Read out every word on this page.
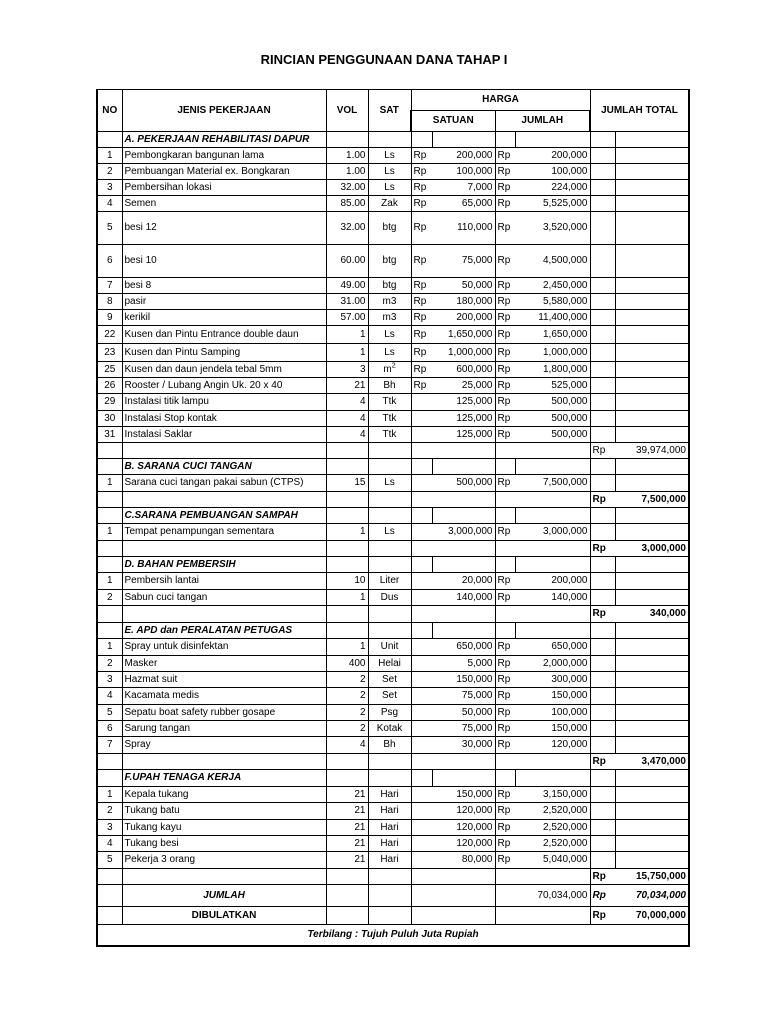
RINCIAN PENGGUNAAN DANA TAHAP I
NO	JENIS PEKERJAAN	VOL	SAT	HARGA				JUMLAH TOTAL	
				SATUAN		JUMLAH			
	A. PEKERJAAN REHABILITASI DAPUR								
1	Pembongkaran bangunan lama	1.00	Ls	Rp	200,000	Rp	200,000		
2	Pembuangan Material ex. Bongkaran	1.00	Ls	Rp	100,000	Rp	100,000		
3	Pembersihan lokasi	32.00	Ls	Rp	7,000	Rp	224,000		
4	Semen	85.00	Zak	Rp	65,000	Rp	5,525,000		
5	besi 12	32.00	btg	Rp	110,000	Rp	3,520,000		
6	besi 10	60.00	btg	Rp	75,000	Rp	4,500,000		
7	besi 8	49.00	btg	Rp	50,000	Rp	2,450,000		
8	pasir	31.00	m3	Rp	180,000	Rp	5,580,000		
9	kerikil	57.00	m3	Rp	200,000	Rp	11,400,000		
22	Kusen dan Pintu Entrance double daun	1	Ls	Rp	1,650,000	Rp	1,650,000		
23	Kusen dan Pintu Samping	1	Ls	Rp	1,000,000	Rp	1,000,000		
25	Kusen dan daun jendela tebal 5mm	3	$m^2$	Rp	600,000	Rp	1,800,000		
26	Rooster / Lubang Angin Uk. 20 x 40	21	Bh	Rp	25,000	Rp	525,000		
29	Instalasi titik lampu	4	Ttk		125,000	Rp	500,000		
30	Instalasi Stop kontak	4	Ttk		125,000	Rp	500,000		
31	Instalasi Saklar	4	Ttk		125,000	Rp	500,000		
								Rp	39,974,000
	B. SARANA CUCI TANGAN								
1	Sarana cuci tangan pakai sabun (CTPS)	15	Ls		500,000	Rp	7,500,000		
								Rp	7,500,000
	C.SARANA PEMBUANGAN SAMPAH								
1	Tempat penampungan sementara	1	Ls		3,000,000	Rp	3,000,000		
								Rp	3,000,000
	D. BAHAN PEMBERSIH								
1	Pembersih lantai	10	Liter		20,000	Rp	200,000		
2	Sabun cuci tangan	1	Dus		140,000	Rp	140,000		
								Rp	340,000
	E. APD dan PERALATAN PETUGAS								
1	Spray untuk disinfektan	1	Unit		650,000	Rp	650,000		
2	Masker	400	Helai		5,000	Rp	2,000,000		
3	Hazmat suit	2	Set		150,000	Rp	300,000		
4	Kacamata medis	2	Set		75,000	Rp	150,000		
5	Sepatu boat safety rubber gosape	2	Psg		50,000	Rp	100,000		
6	Sarung tangan	2	Kotak		75,000	Rp	150,000		
7	Spray	4	Bh		30,000	Rp	120,000		
								Rp	3,470,000
	F.UPAH TENAGA KERJA								
1	Kepala tukang	21	Hari		150,000	Rp	3,150,000		
2	Tukang batu	21	Hari		120,000	Rp	2,520,000		
3	Tukang kayu	21	Hari		120,000	Rp	2,520,000		
4	Tukang besi	21	Hari		120,000	Rp	2,520,000		
5	Pekerja 3 orang	21	Hari		80,000	Rp	5,040,000		
								Rp	15,750,000
	JUMLAH					70,034,000		Rp	70,034,000
	DIBULATKAN							Rp	70,000,000
Terbilang : Tujuh Puluh Juta Rupiah									
